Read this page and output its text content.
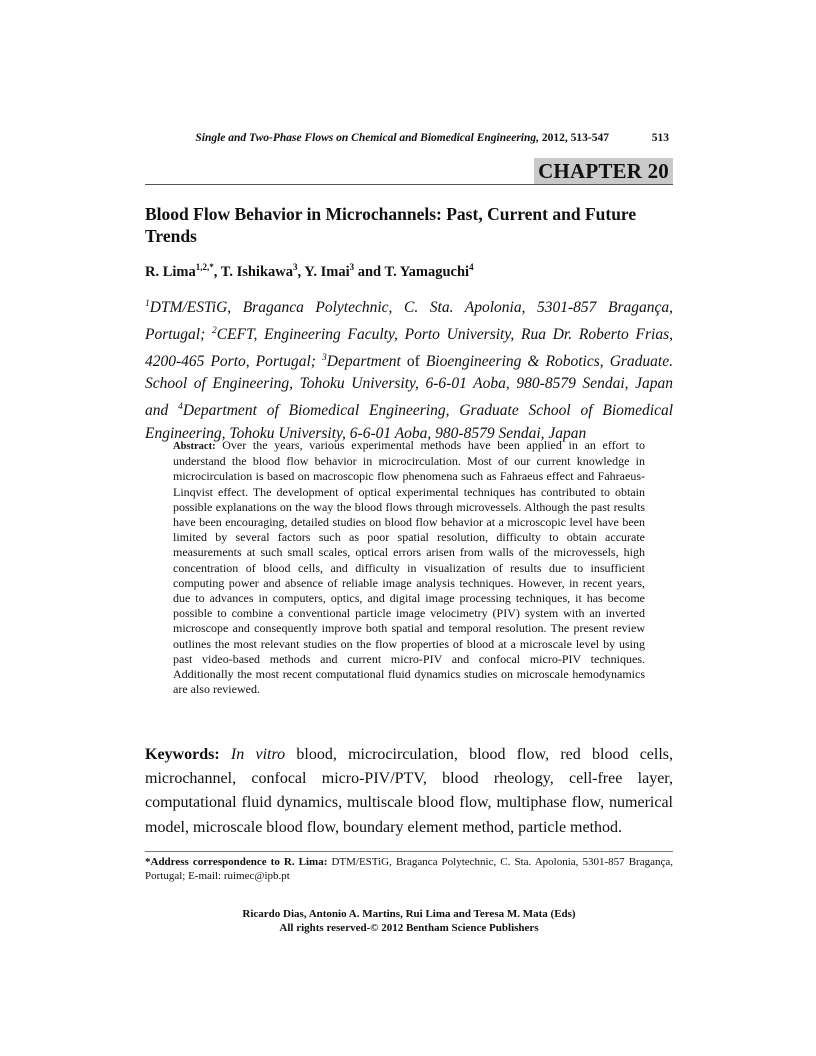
Single and Two-Phase Flows on Chemical and Biomedical Engineering, 2012, 513-547	513
CHAPTER 20
Blood Flow Behavior in Microchannels: Past, Current and Future Trends
R. Lima$^{1,2,*}$, T. Ishikawa$^3$, Y. Imai$^3$ and T. Yamaguchi$^4$
$^1$DTM/ESTiG, Braganca Polytechnic, C. Sta. Apolonia, 5301-857 Bragança, Portugal; $^2$CEFT, Engineering Faculty, Porto University, Rua Dr. Roberto Frias, 4200-465 Porto, Portugal; $^3$Department of Bioengineering & Robotics, Graduate. School of Engineering, Tohoku University, 6-6-01 Aoba, 980-8579 Sendai, Japan and $^4$Department of Biomedical Engineering, Graduate School of Biomedical Engineering, Tohoku University, 6-6-01 Aoba, 980-8579 Sendai, Japan
Abstract: Over the years, various experimental methods have been applied in an effort to understand the blood flow behavior in microcirculation. Most of our current knowledge in microcirculation is based on macroscopic flow phenomena such as Fahraeus effect and Fahraeus-Linqvist effect. The development of optical experimental techniques has contributed to obtain possible explanations on the way the blood flows through microvessels. Although the past results have been encouraging, detailed studies on blood flow behavior at a microscopic level have been limited by several factors such as poor spatial resolution, difficulty to obtain accurate measurements at such small scales, optical errors arisen from walls of the microvessels, high concentration of blood cells, and difficulty in visualization of results due to insufficient computing power and absence of reliable image analysis techniques. However, in recent years, due to advances in computers, optics, and digital image processing techniques, it has become possible to combine a conventional particle image velocimetry (PIV) system with an inverted microscope and consequently improve both spatial and temporal resolution. The present review outlines the most relevant studies on the flow properties of blood at a microscale level by using past video-based methods and current micro-PIV and confocal micro-PIV techniques. Additionally the most recent computational fluid dynamics studies on microscale hemodynamics are also reviewed.
Keywords: In vitro blood, microcirculation, blood flow, red blood cells, microchannel, confocal micro-PIV/PTV, blood rheology, cell-free layer, computational fluid dynamics, multiscale blood flow, multiphase flow, numerical model, microscale blood flow, boundary element method, particle method.
*Address correspondence to R. Lima: DTM/ESTiG, Braganca Polytechnic, C. Sta. Apolonia, 5301-857 Bragança, Portugal; E-mail: ruimec@ipb.pt
Ricardo Dias, Antonio A. Martins, Rui Lima and Teresa M. Mata (Eds)
All rights reserved-© 2012 Bentham Science Publishers
